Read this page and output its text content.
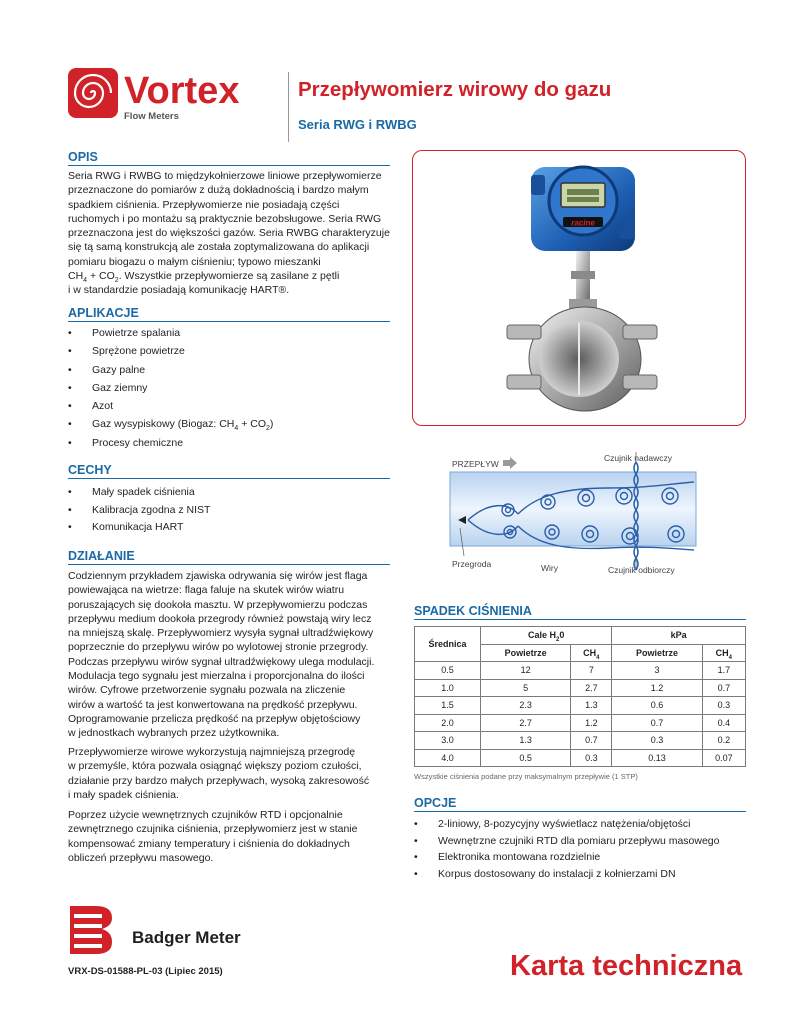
Vortex
Flow Meters
Przepływomierz wirowy do gazu
Seria RWG i RWBG
OPIS
Seria RWG i RWBG to międzykołnierzowe liniowe przepływomierze
przeznaczone do pomiarów z dużą dokładnością i bardzo małym
spadkiem ciśnienia. Przepływomierze nie posiadają części
ruchomych i po montażu są praktycznie bezobsługowe. Seria RWG
przeznaczona jest do większości gazów. Seria RWBG charakteryzuje
się tą samą konstrukcją ale została zoptymalizowana do aplikacji
pomiaru biogazu o małym ciśnieniu; typowo mieszanki
$CH_4 + CO_2$. Wszystkie przepływomierze są zasilane z pętli
i w standardzie posiadają komunikację HART®.
APLIKACJE
• Powietrze spalania
• Sprężone powietrze
• Gazy palne
• Gaz ziemny
• Azot
• Gaz wysypiskowy (Biogaz: $CH_4 + CO_2$)
• Procesy chemiczne
CECHY
• Mały spadek ciśnienia
• Kalibracja zgodna z NIST
• Komunikacja HART
DZIAŁANIE
Codziennym przykładem zjawiska odrywania się wirów jest flaga
powiewająca na wietrze: flaga faluje na skutek wirów wiatru
poruszających się dookoła masztu. W przepływomierzu podczas
przepływu medium dookoła przegrody również powstają wiry lecz
na mniejszą skalę. Przepływomierz wysyła sygnał ultradźwiękowy
poprzecznie do przepływu wirów po wylotowej stronie przegrody.
Podczas przepływu wirów sygnał ultradźwiękowy ulega modulacji.
Modulacja tego sygnału jest mierzalna i proporcjonalna do ilości
wirów. Cyfrowe przetworzenie sygnału pozwala na zliczenie
wirów a wartość ta jest konwertowana na prędkość przepływu.
Oprogramowanie przelicza prędkość na przepływ objętościowy
w jednostkach wybranych przez użytkownika.
Przepływomierze wirowe wykorzystują najmniejszą przegrodę
w przemyśle, która pozwala osiągnąć większy poziom czułości,
działanie przy bardzo małych przepływach, wysoką zakresowość
i mały spadek ciśnienia.
Poprzez użycie wewnętrznych czujników RTD i opcjonalnie
zewnętrznego czujnika ciśnienia, przepływomierz jest w stanie
kompensować zmiany temperatury i ciśnienia do dokładnych
obliczeń przepływu masowego.
racine
PRZEPŁYW
Czujnik nadawczy
Przegroda	Wiry	Czujnik odbiorczy
SPADEK CIŚNIENIA
Średnica	Cale $H_20$		kPa	
	Powietrze	$CH_4$	Powietrze	$CH_4$
0.5	12	7	3	1.7
1.0	5	2.7	1.2	0.7
1.5	2.3	1.3	0.6	0.3
2.0	2.7	1.2	0.7	0.4
3.0	1.3	0.7	0.3	0.2
4.0	0.5	0.3	0.13	0.07
Wszystkie ciśnienia podane przy maksymalnym przepływie (1 STP)
OPCJE
• 2-liniowy, 8-pozycyjny wyświetlacz natężenia/objętości
• Wewnętrzne czujniki RTD dla pomiaru przepływu masowego
• Elektronika montowana rozdzielnie
• Korpus dostosowany do instalacji z kołnierzami DN
Badger Meter
VRX-DS-01588-PL-03 (Lipiec 2015)	Karta techniczna
